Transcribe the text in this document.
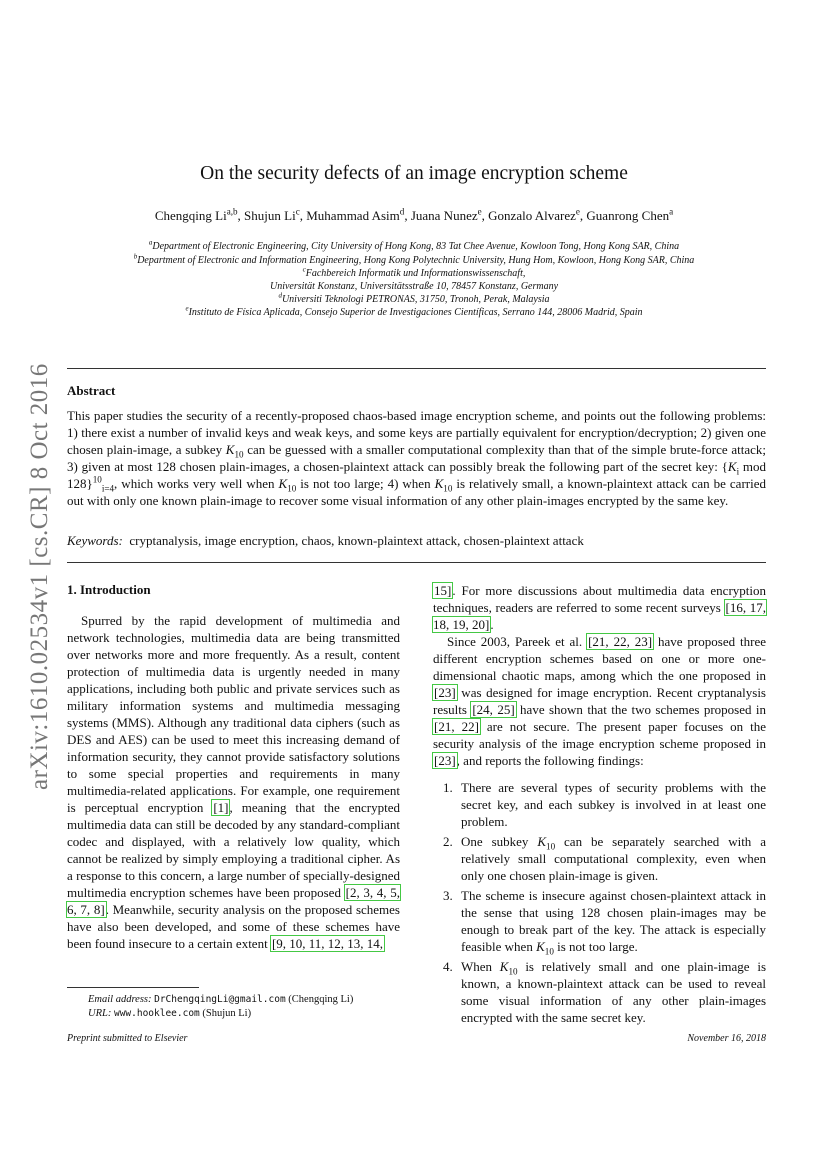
arXiv:1610.02534v1 [cs.CR] 8 Oct 2016
On the security defects of an image encryption scheme
Chengqing Li$^{a,b}$, Shujun Li$^c$, Muhammad Asim$^d$, Juana Nunez$^e$, Gonzalo Alvarez$^e$, Guanrong Chen$^a$
$^a$Department of Electronic Engineering, City University of Hong Kong, 83 Tat Chee Avenue, Kowloon Tong, Hong Kong SAR, China
$^b$Department of Electronic and Information Engineering, Hong Kong Polytechnic University, Hung Hom, Kowloon, Hong Kong SAR, China
$^c$Fachbereich Informatik und Informationswissenschaft,
Universität Konstanz, Universitätsstraße 10, 78457 Konstanz, Germany
$^d$Universiti Teknologi PETRONAS, 31750, Tronoh, Perak, Malaysia
$^e$Instituto de Física Aplicada, Consejo Superior de Investigaciones Científicas, Serrano 144, 28006 Madrid, Spain
Abstract
This paper studies the security of a recently-proposed chaos-based image encryption scheme, and points out the following problems: 1) there exist a number of invalid keys and weak keys, and some keys are partially equivalent for encryption/decryption; 2) given one chosen plain-image, a subkey $K_{10}$ can be guessed with a smaller computational complexity than that of the simple brute-force attack; 3) given at most 128 chosen plain-images, a chosen-plaintext attack can possibly break the following part of the secret key: {$K_i$ mod 128}$^{10}_{i=4}$, which works very well when $K_{10}$ is not too large; 4) when $K_{10}$ is relatively small, a known-plaintext attack can be carried out with only one known plain-image to recover some visual information of any other plain-images encrypted by the same key.
Keywords: cryptanalysis, image encryption, chaos, known-plaintext attack, chosen-plaintext attack
1. Introduction

Spurred by the rapid development of multimedia and network technologies, multimedia data are being transmitted over networks more and more frequently. As a result, content protection of multimedia data is urgently needed in many applications, including both public and private services such as military information systems and multimedia messaging systems (MMS). Although any traditional data ciphers (such as DES and AES) can be used to meet this increasing demand of information security, they cannot provide satisfactory solutions to some special properties and requirements in many multimedia-related applications. For example, one requirement is perceptual encryption [1], meaning that the encrypted multimedia data can still be decoded by any standard-compliant codec and displayed, with a relatively low quality, which cannot be realized by simply employing a traditional cipher. As a response to this concern, a large number of specially-designed multimedia encryption schemes have been proposed [2, 3, 4, 5, 6, 7, 8]. Meanwhile, security analysis on the proposed schemes have also been developed, and some of these schemes have been found insecure to a certain extent [9, 10, 11, 12, 13, 14,

15]. For more discussions about multimedia data encryption techniques, readers are referred to some recent surveys [16, 17, 18, 19, 20].

Since 2003, Pareek et al. [21, 22, 23] have proposed three different encryption schemes based on one or more one-dimensional chaotic maps, among which the one proposed in [23] was designed for image encryption. Recent cryptanalysis results [24, 25] have shown that the two schemes proposed in [21, 22] are not secure. The present paper focuses on the security analysis of the image encryption scheme proposed in [23], and reports the following findings:

1. There are several types of security problems with the secret key, and each subkey is involved in at least one problem.
2. One subkey $K_{10}$ can be separately searched with a relatively small computational complexity, even when only one chosen plain-image is given.
3. The scheme is insecure against chosen-plaintext attack in the sense that using 128 chosen plain-images may be enough to break part of the key. The attack is especially feasible when $K_{10}$ is not too large.
4. When $K_{10}$ is relatively small and one plain-image is known, a known-plaintext attack can be used to reveal some visual information of any other plain-images encrypted with the same secret key.
Email address: DrChengqingLi@gmail.com (Chengqing Li)
URL: www.hooklee.com (Shujun Li)
Preprint submitted to Elsevier	November 16, 2018
